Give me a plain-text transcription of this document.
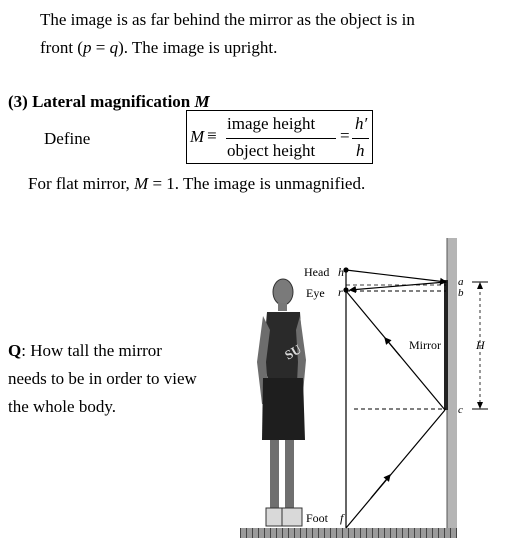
The image is as far behind the mirror as the object is in
front (p = q). The image is upright.
(3) Lateral magnification M
Define	M ≡
image height
object height
=
h′
h
For flat mirror, M = 1. The image is unmagnified.
Q: How tall the mirror
needs to be in order to view
the whole body.
SU
Head h
Eye r
Foot f
Mirror
a
b
c
H
